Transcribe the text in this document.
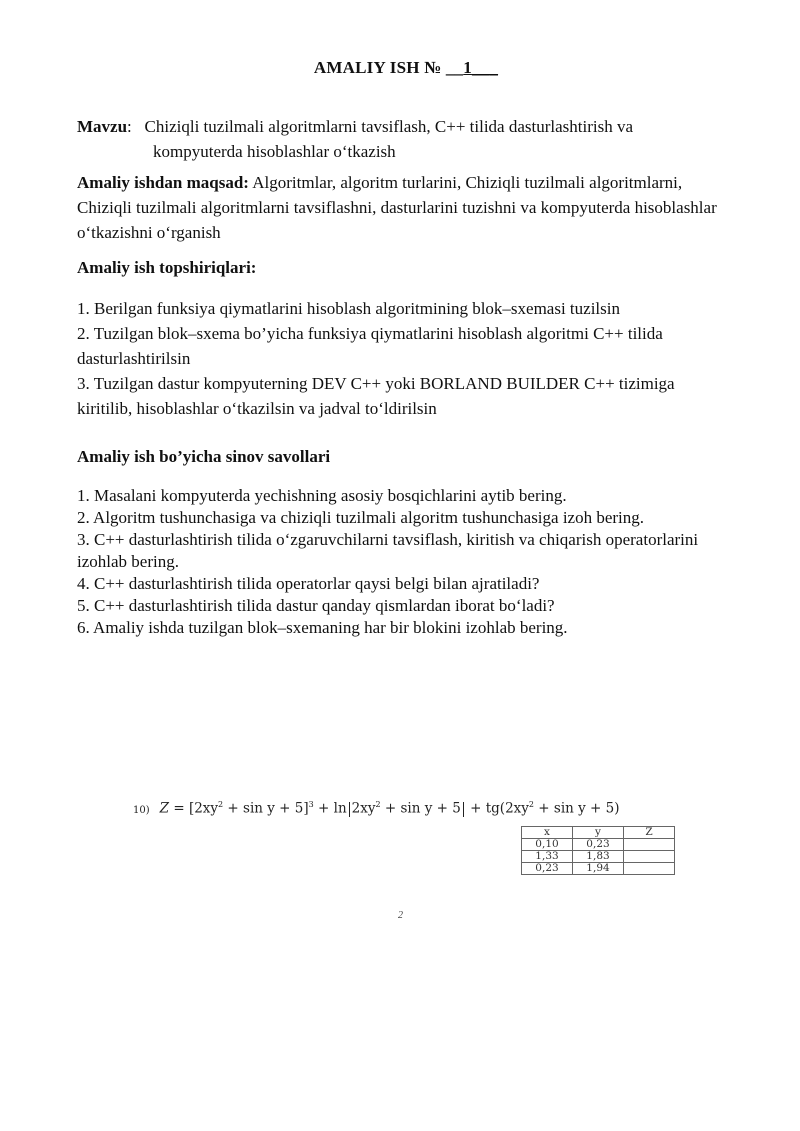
AMALIY ISH № __1___
Mavzu: Chiziqli tuzilmali algoritmlarni tavsiflash, C++ tilida dasturlashtirish va
kompyuterda hisoblashlar o‘tkazish
Amaliy ishdan maqsad: Algoritmlar, algoritm turlarini, Chiziqli tuzilmali algoritmlarni, Chiziqli tuzilmali algoritmlarni tavsiflashni, dasturlarini tuzishni va kompyuterda hisoblashlar o‘tkazishni o‘rganish
Amaliy ish topshiriqlari:
1. Berilgan funksiya qiymatlarini hisoblash algoritmining blok–sxemasi tuzilsin
2. Tuzilgan blok–sxema bo’yicha funksiya qiymatlarini hisoblash algoritmi C++ tilida dasturlashtirilsin
3. Tuzilgan dastur kompyuterning DEV C++ yoki BORLAND BUILDER C++ tizimiga kiritilib, hisoblashlar o‘tkazilsin va jadval to‘ldirilsin
Amaliy ish bo’yicha sinov savollari
1. Masalani kompyuterda yechishning asosiy bosqichlarini aytib bering.
2. Algoritm tushunchasiga va chiziqli tuzilmali algoritm tushunchasiga izoh bering.
3. C++ dasturlashtirish tilida o‘zgaruvchilarni tavsiflash, kiritish va chiqarish operatorlarini izohlab bering.
4. C++ dasturlashtirish tilida operatorlar qaysi belgi bilan ajratiladi?
5. C++ dasturlashtirish tilida dastur qanday qismlardan iborat bo‘ladi?
6. Amaliy ishda tuzilgan blok–sxemaning har bir blokini izohlab bering.
10) $Z = [2xy^2 + \sin y + 5]^3 + \ln 2xy^2 + \sin y + 5 + tg(2xy^2 + \sin y + 5)$
x	y	Z
0,10	0,23	
1,33	1,83	
0,23	1,94	
2
